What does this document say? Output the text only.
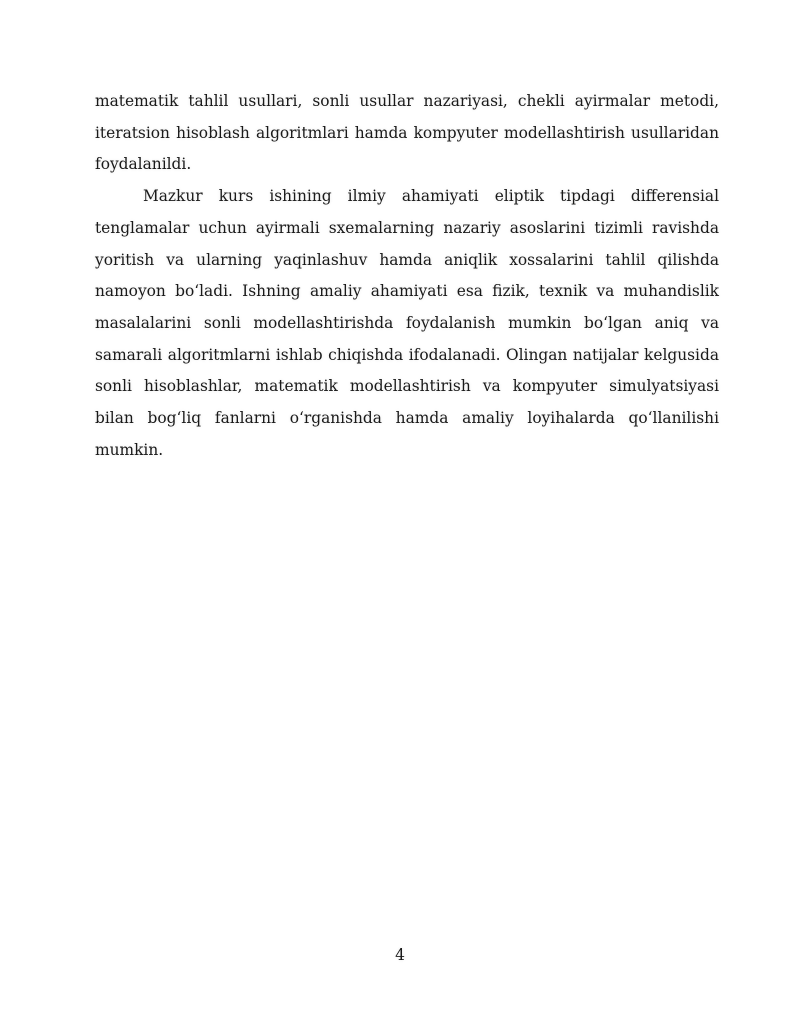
matematik tahlil usullari, sonli usullar nazariyasi, chekli ayirmalar metodi, iteratsion hisoblash algoritmlari hamda kompyuter modellashtirish usullaridan foydalanildi.

Mazkur kurs ishining ilmiy ahamiyati eliptik tipdagi differensial tenglamalar uchun ayirmali sxemalarning nazariy asoslarini tizimli ravishda yoritish va ularning yaqinlashuv hamda aniqlik xossalarini tahlil qilishda namoyon boʻladi. Ishning amaliy ahamiyati esa fizik, texnik va muhandislik masalalarini sonli modellashtirishda foydalanish mumkin boʻlgan aniq va samarali algoritmlarni ishlab chiqishda ifodalanadi. Olingan natijalar kelgusida sonli hisoblashlar, matematik modellashtirish va kompyuter simulyatsiyasi bilan bogʻliq fanlarni oʻrganishda hamda amaliy loyihalarda qoʻllanilishi mumkin.

4
